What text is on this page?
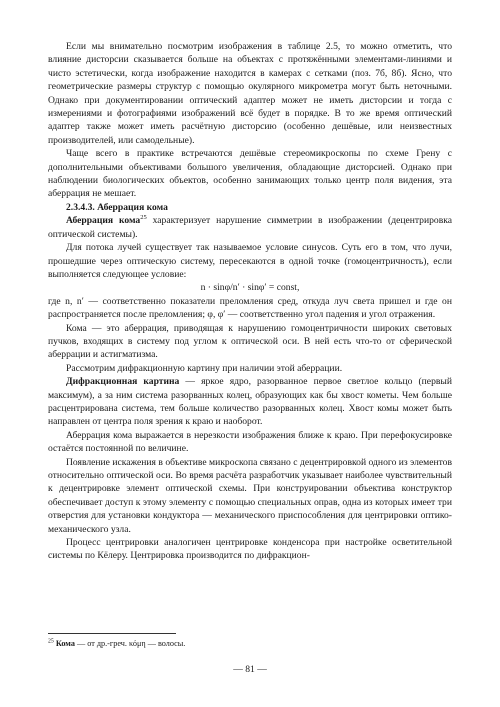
Если мы внимательно посмотрим изображения в таблице 2.5, то можно отметить, что влияние дисторсии сказывается больше на объектах с протяжёнными элементами-линиями и чисто эстетически, когда изображение находится в камерах с сетками (поз. 7б, 8б). Ясно, что геометрические размеры структур с помощью окулярного микрометра могут быть неточными. Однако при документировании оптический адаптер может не иметь дисторсии и тогда с измерениями и фотографиями изображений всё будет в порядке. В то же время оптический адаптер также может иметь расчётную дисторсию (особенно дешёвые, или неизвестных производителей, или самодельные).

Чаще всего в практике встречаются дешёвые стереомикроскопы по схеме Грену с дополнительными объективами большого увеличения, обладающие дисторсией. Однако при наблюдении биологических объектов, особенно занимающих только центр поля видения, эта аберрация не мешает.

2.3.4.3. Аберрация кома

Аберрация кома$^{25}$ характеризует нарушение симметрии в изображении (децентрировка оптической системы).

Для потока лучей существует так называемое условие синусов. Суть его в том, что лучи, прошедшие через оптическую систему, пересекаются в одной точке (гомоцентричность), если выполняется следующее условие:

n · sinφ/n′ · sinφ′ = const,

где n, n′ — соответственно показатели преломления сред, откуда луч света пришел и где он распространяется после преломления; φ, φ′ — соответственно угол падения и угол отражения.

Кома — это аберрация, приводящая к нарушению гомоцентричности широких световых пучков, входящих в систему под углом к оптической оси. В ней есть что-то от сферической аберрации и астигматизма.

Рассмотрим дифракционную картину при наличии этой аберрации.

Дифракционная картина — яркое ядро, разорванное первое светлое кольцо (первый максимум), а за ним система разорванных колец, образующих как бы хвост кометы. Чем больше расцентрирована система, тем больше количество разорванных колец. Хвост комы может быть направлен от центра поля зрения к краю и наоборот.

Аберрация кома выражается в нерезкости изображения ближе к краю. При перефокусировке остаётся постоянной по величине.

Появление искажения в объективе микроскопа связано с децентрировкой одного из элементов относительно оптической оси. Во время расчёта разработчик указывает наиболее чувствительный к децентрировке элемент оптической схемы. При конструировании объектива конструктор обеспечивает доступ к этому элементу с помощью специальных оправ, одна из которых имеет три отверстия для установки кондуктора — механического приспособления для центрировки оптико-механического узла.

Процесс центрировки аналогичен центрировке конденсора при настройке осветительной системы по Кёлеру. Центрировка производится по дифракцион-

$^{25}$ Кома — от др.-греч. κόμη — волосы.
— 81 —
